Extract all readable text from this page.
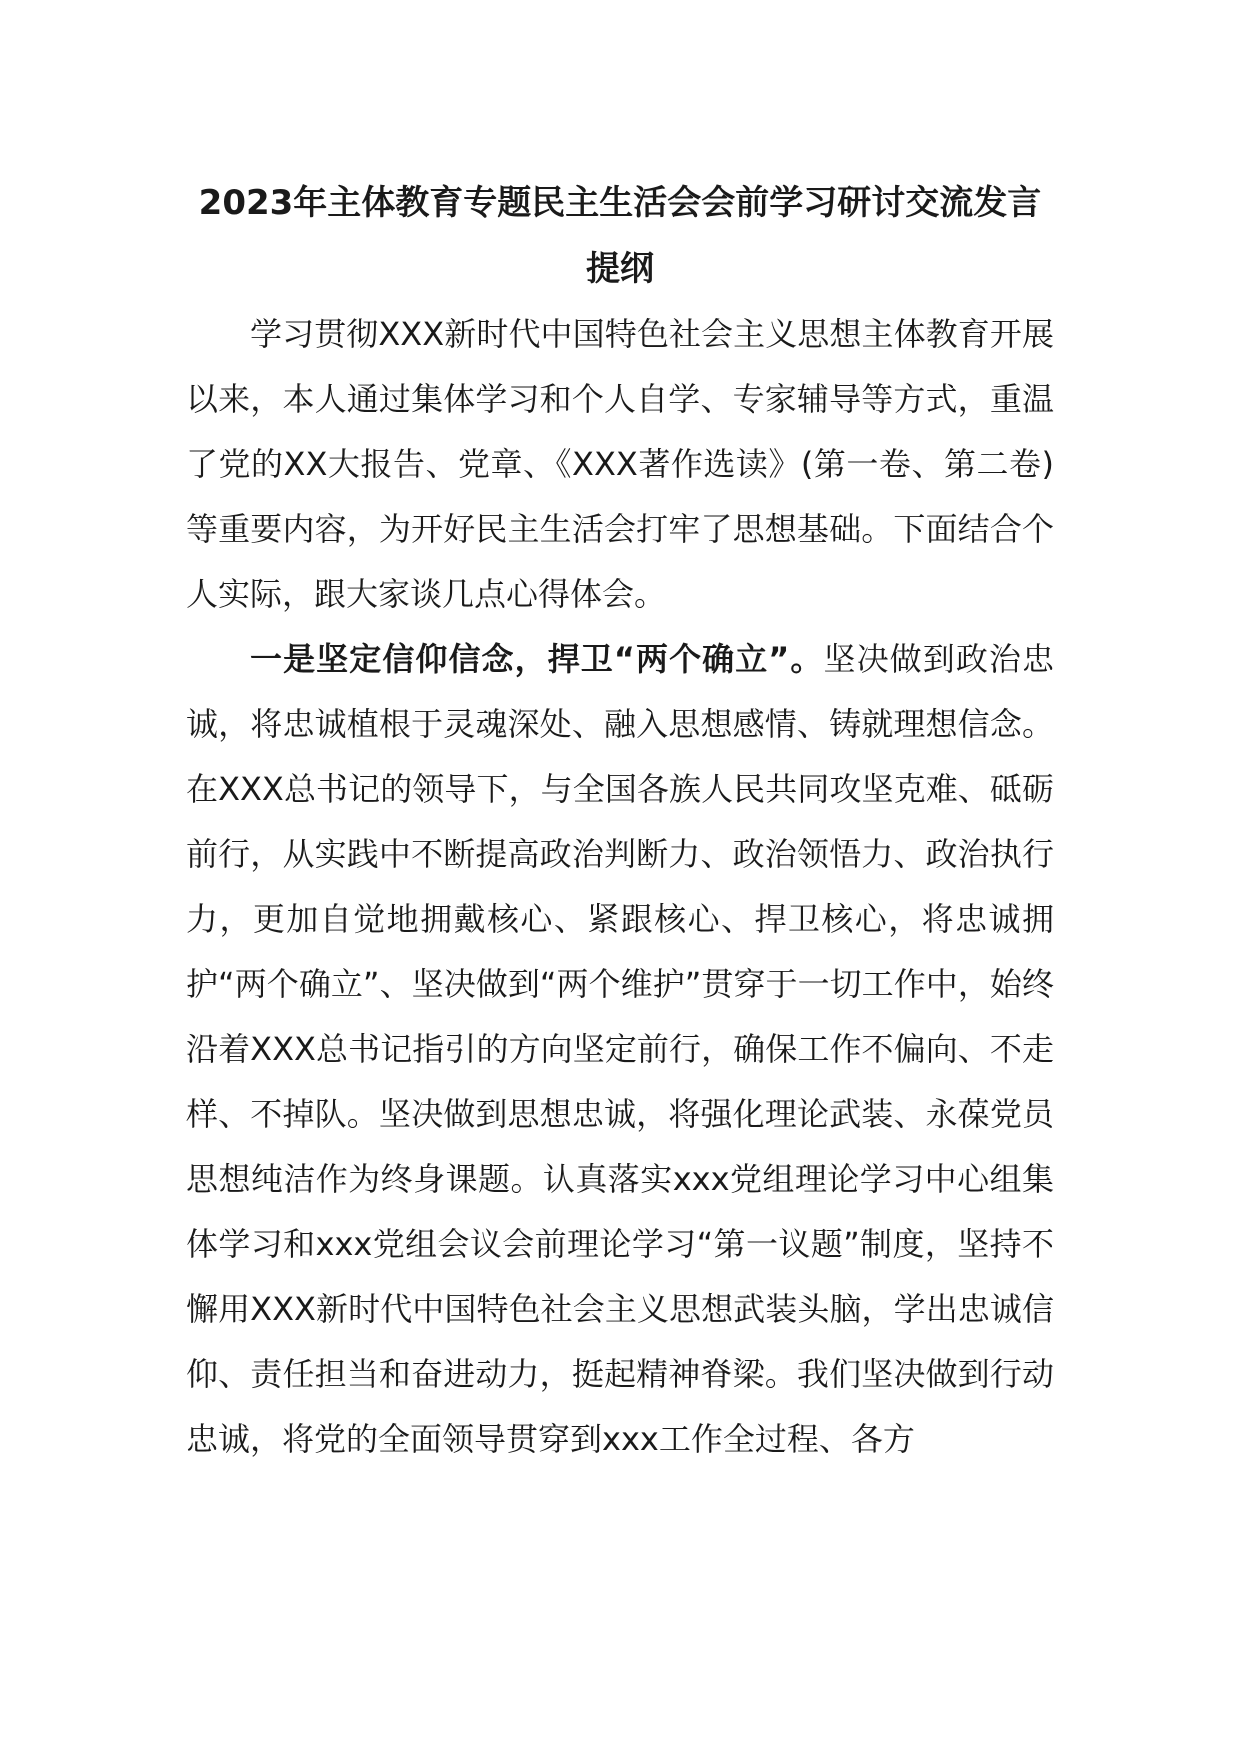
2023年主体教育专题民主生活会会前学习研讨交流发言
提纲

学习贯彻XXX新时代中国特色社会主义思想主体教育开展以来，本人通过集体学习和个人自学、专家辅导等方式，重温了党的XX大报告、党章、《XXX著作选读》(第一卷、第二卷)等重要内容，为开好民主生活会打牢了思想基础。下面结合个人实际，跟大家谈几点心得体会。

一是坚定信仰信念，捍卫“两个确立”。坚决做到政治忠诚，将忠诚植根于灵魂深处、融入思想感情、铸就理想信念。在XXX总书记的领导下，与全国各族人民共同攻坚克难、砥砺前行，从实践中不断提高政治判断力、政治领悟力、政治执行力，更加自觉地拥戴核心、紧跟核心、捍卫核心，将忠诚拥护“两个确立”、坚决做到“两个维护”贯穿于一切工作中，始终沿着XXX总书记指引的方向坚定前行，确保工作不偏向、不走样、不掉队。坚决做到思想忠诚，将强化理论武装、永葆党员思想纯洁作为终身课题。认真落实xxx党组理论学习中心组集体学习和xxx党组会议会前理论学习“第一议题”制度，坚持不懈用XXX新时代中国特色社会主义思想武装头脑，学出忠诚信仰、责任担当和奋进动力，挺起精神脊梁。我们坚决做到行动忠诚，将党的全面领导贯穿到xxx工作全过程、各方
